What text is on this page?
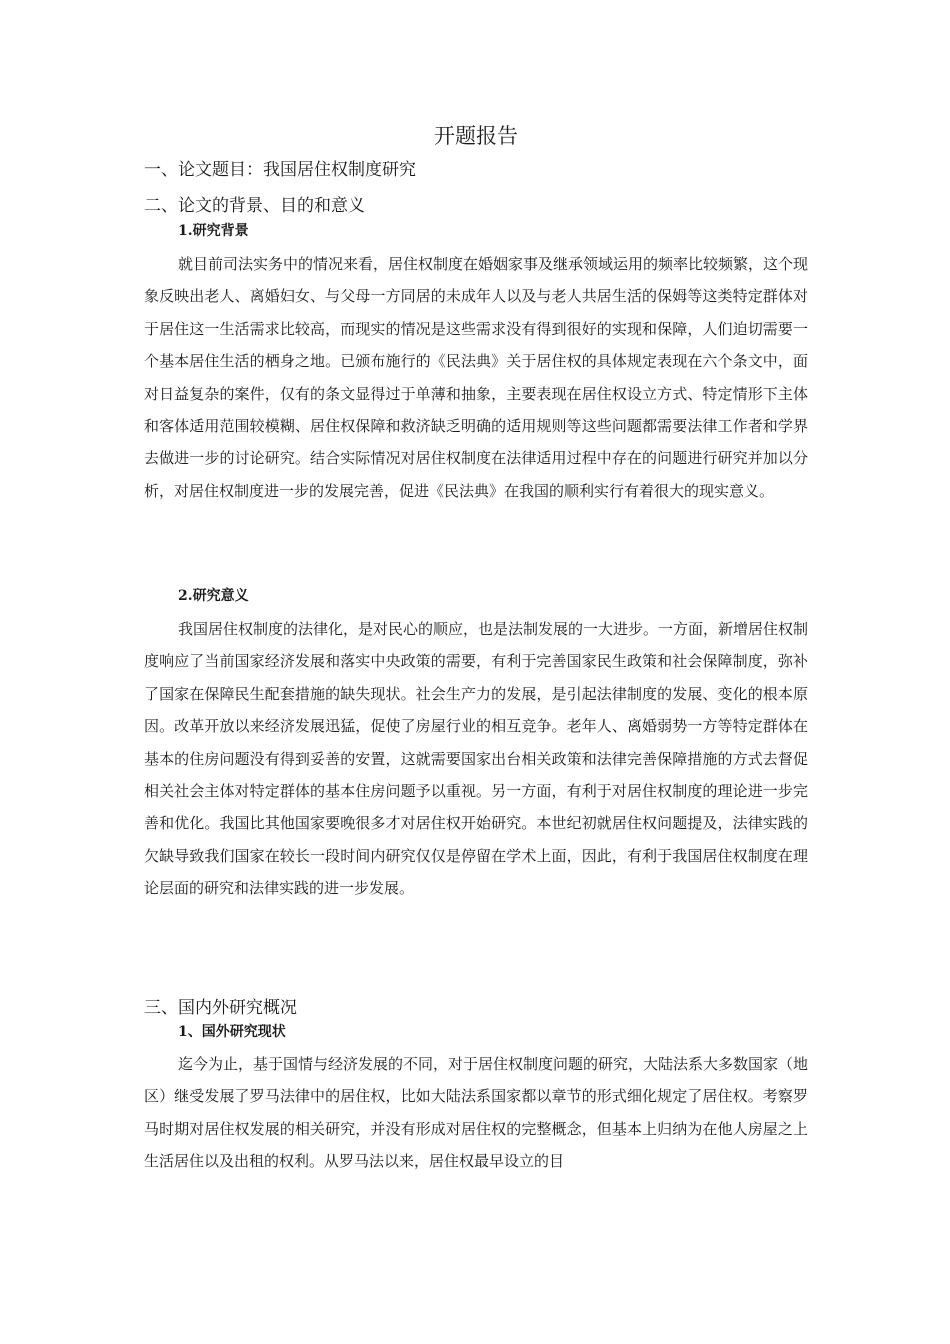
开题报告
一、论文题目：我国居住权制度研究
二、论文的背景、目的和意义
1.研究背景

就目前司法实务中的情况来看，居住权制度在婚姻家事及继承领域运用的频率比较频繁，这个现象反映出老人、离婚妇女、与父母一方同居的未成年人以及与老人共居生活的保姆等这类特定群体对于居住这一生活需求比较高，而现实的情况是这些需求没有得到很好的实现和保障，人们迫切需要一个基本居住生活的栖身之地。已颁布施行的《民法典》关于居住权的具体规定表现在六个条文中，面对日益复杂的案件，仅有的条文显得过于单薄和抽象，主要表现在居住权设立方式、特定情形下主体和客体适用范围较模糊、居住权保障和救济缺乏明确的适用规则等这些问题都需要法律工作者和学界去做进一步的讨论研究。结合实际情况对居住权制度在法律适用过程中存在的问题进行研究并加以分析，对居住权制度进一步的发展完善，促进《民法典》在我国的顺利实行有着很大的现实意义。

2.研究意义

我国居住权制度的法律化，是对民心的顺应，也是法制发展的一大进步。一方面，新增居住权制度响应了当前国家经济发展和落实中央政策的需要，有利于完善国家民生政策和社会保障制度，弥补了国家在保障民生配套措施的缺失现状。社会生产力的发展，是引起法律制度的发展、变化的根本原因。改革开放以来经济发展迅猛，促使了房屋行业的相互竞争。老年人、离婚弱势一方等特定群体在基本的住房问题没有得到妥善的安置，这就需要国家出台相关政策和法律完善保障措施的方式去督促相关社会主体对特定群体的基本住房问题予以重视。另一方面，有利于对居住权制度的理论进一步完善和优化。我国比其他国家要晚很多才对居住权开始研究。本世纪初就居住权问题提及，法律实践的欠缺导致我们国家在较长一段时间内研究仅仅是停留在学术上面，因此，有利于我国居住权制度在理论层面的研究和法律实践的进一步发展。

三、国内外研究概况
1、国外研究现状

迄今为止，基于国情与经济发展的不同，对于居住权制度问题的研究，大陆法系大多数国家（地区）继受发展了罗马法律中的居住权，比如大陆法系国家都以章节的形式细化规定了居住权。考察罗马时期对居住权发展的相关研究，并没有形成对居住权的完整概念，但基本上归纳为在他人房屋之上生活居住以及出租的权利。从罗马法以来，居住权最早设立的目
